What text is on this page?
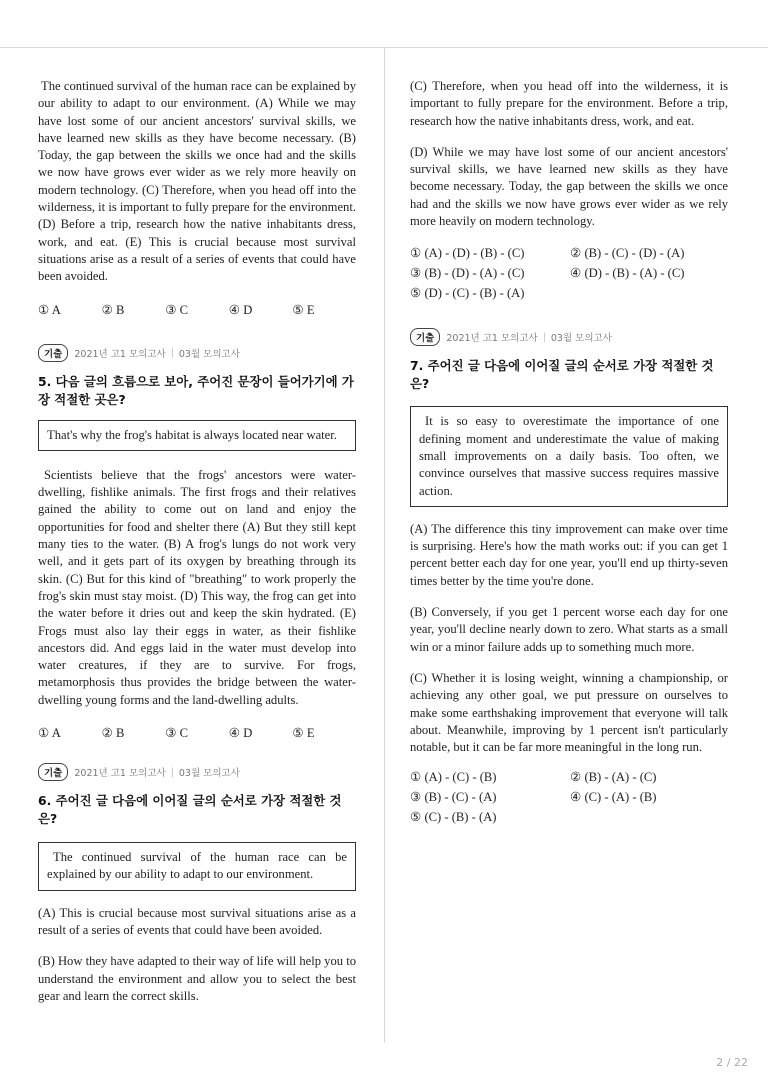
The continued survival of the human race can be explained by our ability to adapt to our environment. (A) While we may have lost some of our ancient ancestors' survival skills, we have learned new skills as they have become necessary. (B) Today, the gap between the skills we once had and the skills we now have grows ever wider as we rely more heavily on modern technology. (C) Therefore, when you head off into the wilderness, it is important to fully prepare for the environment. (D) Before a trip, research how the native inhabitants dress, work, and eat. (E) This is crucial because most survival situations arise as a result of a series of events that could have been avoided.

① A	② B	③ C	④ D	⑤ E
기출	2021년 고1 모의고사 | 03월 모의고사

5. 다음 글의 흐름으로 보아, 주어진 문장이 들어가기에 가장 적절한 곳은?

That's why the frog's habitat is always located near water.

Scientists believe that the frogs' ancestors were water-dwelling, fishlike animals. The first frogs and their relatives gained the ability to come out on land and enjoy the opportunities for food and shelter there (A) But they still kept many ties to the water. (B) A frog's lungs do not work very well, and it gets part of its oxygen by breathing through its skin. (C) But for this kind of "breathing" to work properly the frog's skin must stay moist. (D) This way, the frog can get into the water before it dries out and keep the skin hydrated. (E) Frogs must also lay their eggs in water, as their fishlike ancestors did. And eggs laid in the water must develop into water creatures, if they are to survive. For frogs, metamorphosis thus provides the bridge between the water-dwelling young forms and the land-dwelling adults.

① A	② B	③ C	④ D	⑤ E
기출	2021년 고1 모의고사 | 03월 모의고사

6. 주어진 글 다음에 이어질 글의 순서로 가장 적절한 것은?

The continued survival of the human race can be explained by our ability to adapt to our environment.

(A) This is crucial because most survival situations arise as a result of a series of events that could have been avoided.

(B) How they have adapted to their way of life will help you to understand the environment and allow you to select the best gear and learn the correct skills.

(C) Therefore, when you head off into the wilderness, it is important to fully prepare for the environment. Before a trip, research how the native inhabitants dress, work, and eat.

(D) While we may have lost some of our ancient ancestors' survival skills, we have learned new skills as they have become necessary. Today, the gap between the skills we once had and the skills we now have grows ever wider as we rely more heavily on modern technology.

① (A) - (D) - (B) - (C)	② (B) - (C) - (D) - (A)
③ (B) - (D) - (A) - (C)	④ (D) - (B) - (A) - (C)
⑤ (D) - (C) - (B) - (A)
기출	2021년 고1 모의고사 | 03월 모의고사

7. 주어진 글 다음에 이어질 글의 순서로 가장 적절한 것은?

It is so easy to overestimate the importance of one defining moment and underestimate the value of making small improvements on a daily basis. Too often, we convince ourselves that massive success requires massive action.

(A) The difference this tiny improvement can make over time is surprising. Here's how the math works out: if you can get 1 percent better each day for one year, you'll end up thirty-seven times better by the time you're done.

(B) Conversely, if you get 1 percent worse each day for one year, you'll decline nearly down to zero. What starts as a small win or a minor failure adds up to something much more.

(C) Whether it is losing weight, winning a championship, or achieving any other goal, we put pressure on ourselves to make some earthshaking improvement that everyone will talk about. Meanwhile, improving by 1 percent isn't particularly notable, but it can be far more meaningful in the long run.

① (A) - (C) - (B)	② (B) - (A) - (C)
③ (B) - (C) - (A)	④ (C) - (A) - (B)
⑤ (C) - (B) - (A)
2 / 22
